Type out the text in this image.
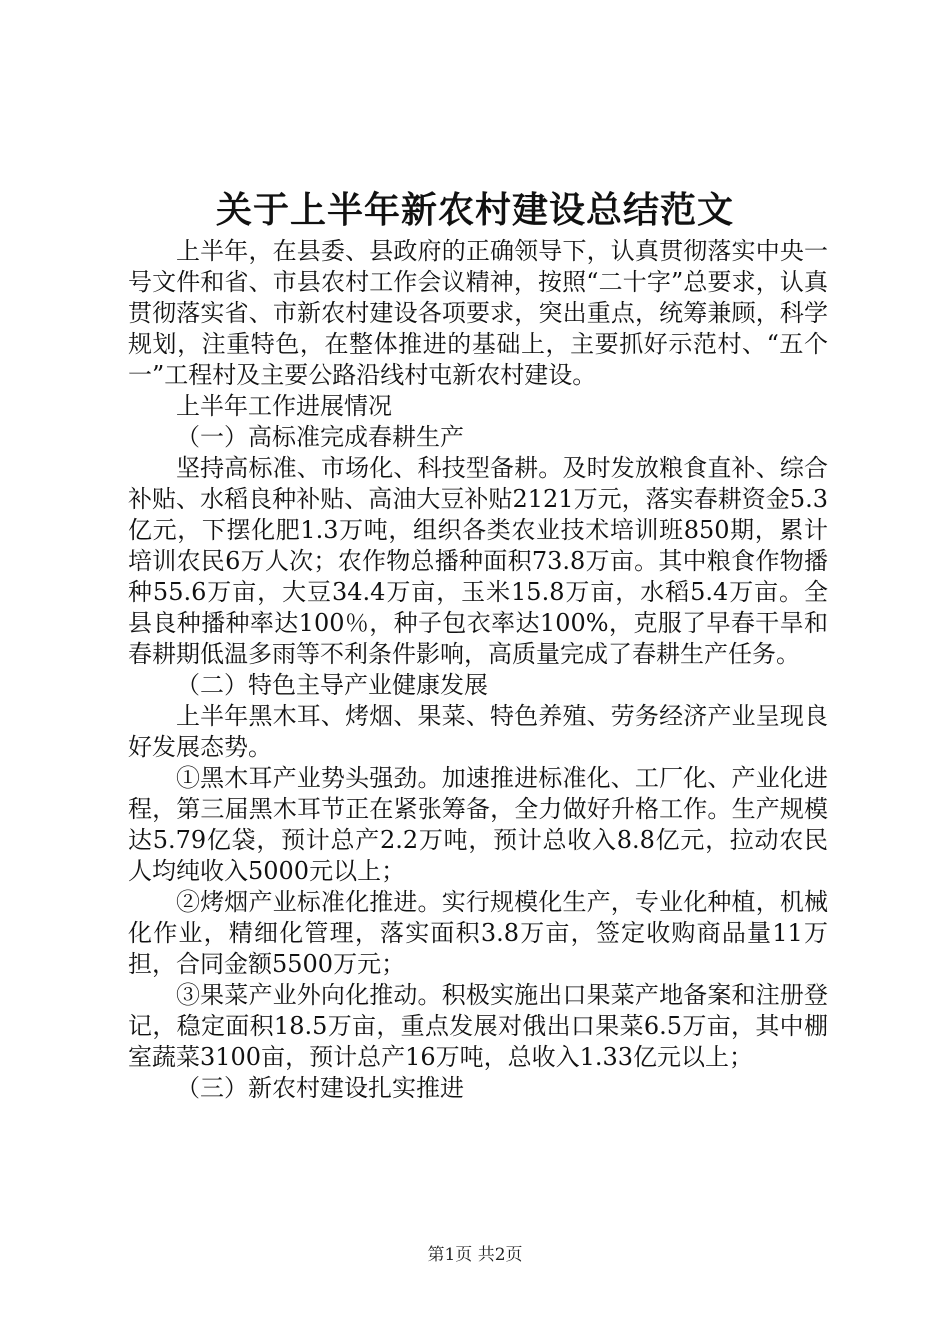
关于上半年新农村建设总结范文

上半年，在县委、县政府的正确领导下，认真贯彻落实中央一号文件和省、市县农村工作会议精神，按照“二十字”总要求，认真贯彻落实省、市新农村建设各项要求，突出重点，统筹兼顾，科学规划，注重特色，在整体推进的基础上，主要抓好示范村、“五个一”工程村及主要公路沿线村屯新农村建设。

上半年工作进展情况

（一）高标准完成春耕生产

坚持高标准、市场化、科技型备耕。及时发放粮食直补、综合补贴、水稻良种补贴、高油大豆补贴2121万元，落实春耕资金5.3亿元，下摆化肥1.3万吨，组织各类农业技术培训班850期，累计培训农民6万人次；农作物总播种面积73.8万亩。其中粮食作物播种55.6万亩，大豆34.4万亩，玉米15.8万亩，水稻5.4万亩。全县良种播种率达100％，种子包衣率达100%，克服了早春干旱和春耕期低温多雨等不利条件影响，高质量完成了春耕生产任务。

（二）特色主导产业健康发展

上半年黑木耳、烤烟、果菜、特色养殖、劳务经济产业呈现良好发展态势。

①黑木耳产业势头强劲。加速推进标准化、工厂化、产业化进程，第三届黑木耳节正在紧张筹备，全力做好升格工作。生产规模达5.79亿袋，预计总产2.2万吨，预计总收入8.8亿元，拉动农民人均纯收入5000元以上；

②烤烟产业标准化推进。实行规模化生产，专业化种植，机械化作业，精细化管理，落实面积3.8万亩，签定收购商品量11万担，合同金额5500万元；

③果菜产业外向化推动。积极实施出口果菜产地备案和注册登记，稳定面积18.5万亩，重点发展对俄出口果菜6.5万亩，其中棚室蔬菜3100亩，预计总产16万吨，总收入1.33亿元以上；

（三）新农村建设扎实推进

第1页 共2页
